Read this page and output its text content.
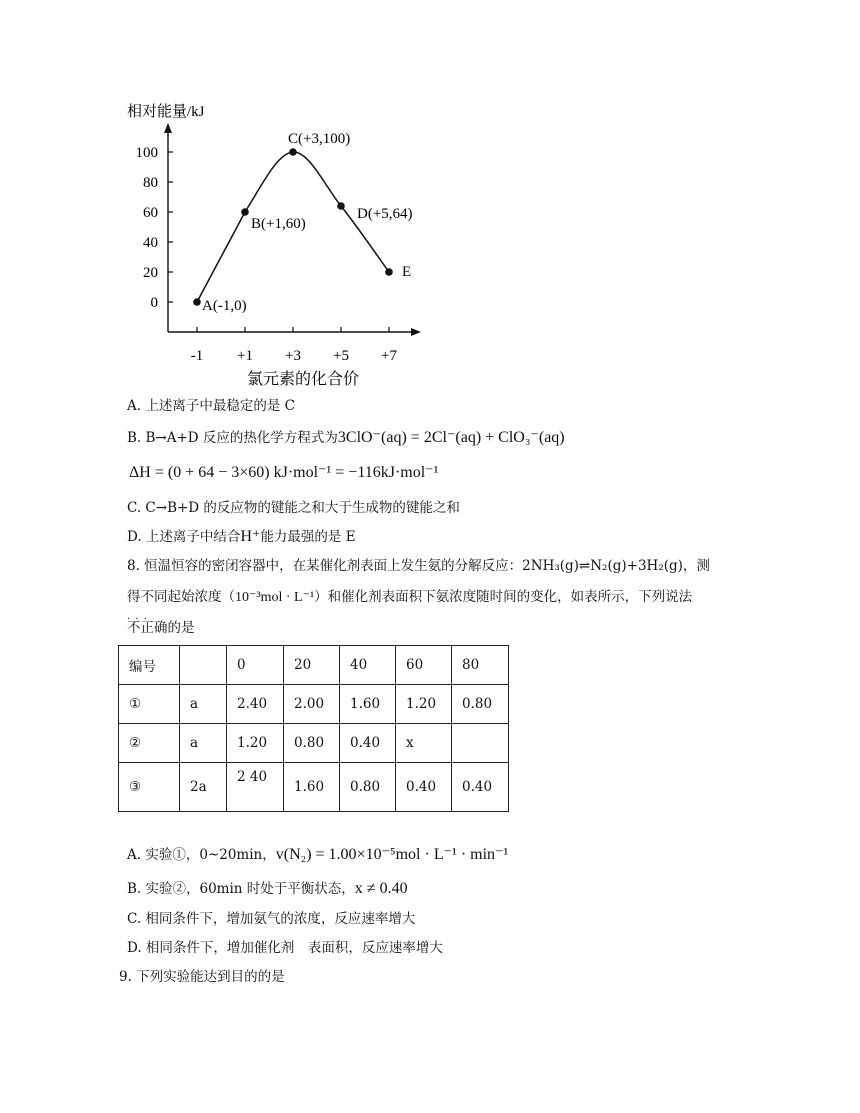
相对能量/kJ
0
20
40
60
80
100
-1 +1 +3 +5 +7
A(-1,0)
B(+1,60)
C(+3,100)
D(+5,64)
E
氯元素的化合价
A. 上述离子中最稳定的是 C
B. B→A+D 反应的热化学方程式为3ClO⁻(aq) = 2Cl⁻(aq) + ClO₃⁻(aq)
ΔH = (0 + 64 − 3×60) kJ·mol⁻¹ = −116kJ·mol⁻¹
C. C→B+D 的反应物的键能之和大于生成物的键能之和
D. 上述离子中结合H⁺能力最强的是 E
8. 恒温恒容的密闭容器中，在某催化剂表面上发生氨的分解反应：2NH₃(g)⇌N₂(g)+3H₂(g)，测
得不同起始浓度（10⁻³mol · L⁻¹）和催化剂表面积下氨浓度随时间的变化，如表所示，下列说法
不正确 · · ·的是
编号		0	20	40	60	80
①	a	2.40	2.00	1.60	1.20	0.80
②	a	1.20	0.80	0.40	x	
③	2a	2 40	1.60	0.80	0.40	0.40
A. 实验①，0~20min，v(N₂) = 1.00×10⁻⁵mol · L⁻¹ · min⁻¹
B. 实验②，60min 时处于平衡状态，x ≠ 0.40
C. 相同条件下，增加氨气的浓度，反应速率增大
D. 相同条件下，增加催化剂　表面积，反应速率增大
9. 下列实验能达到目的的是
